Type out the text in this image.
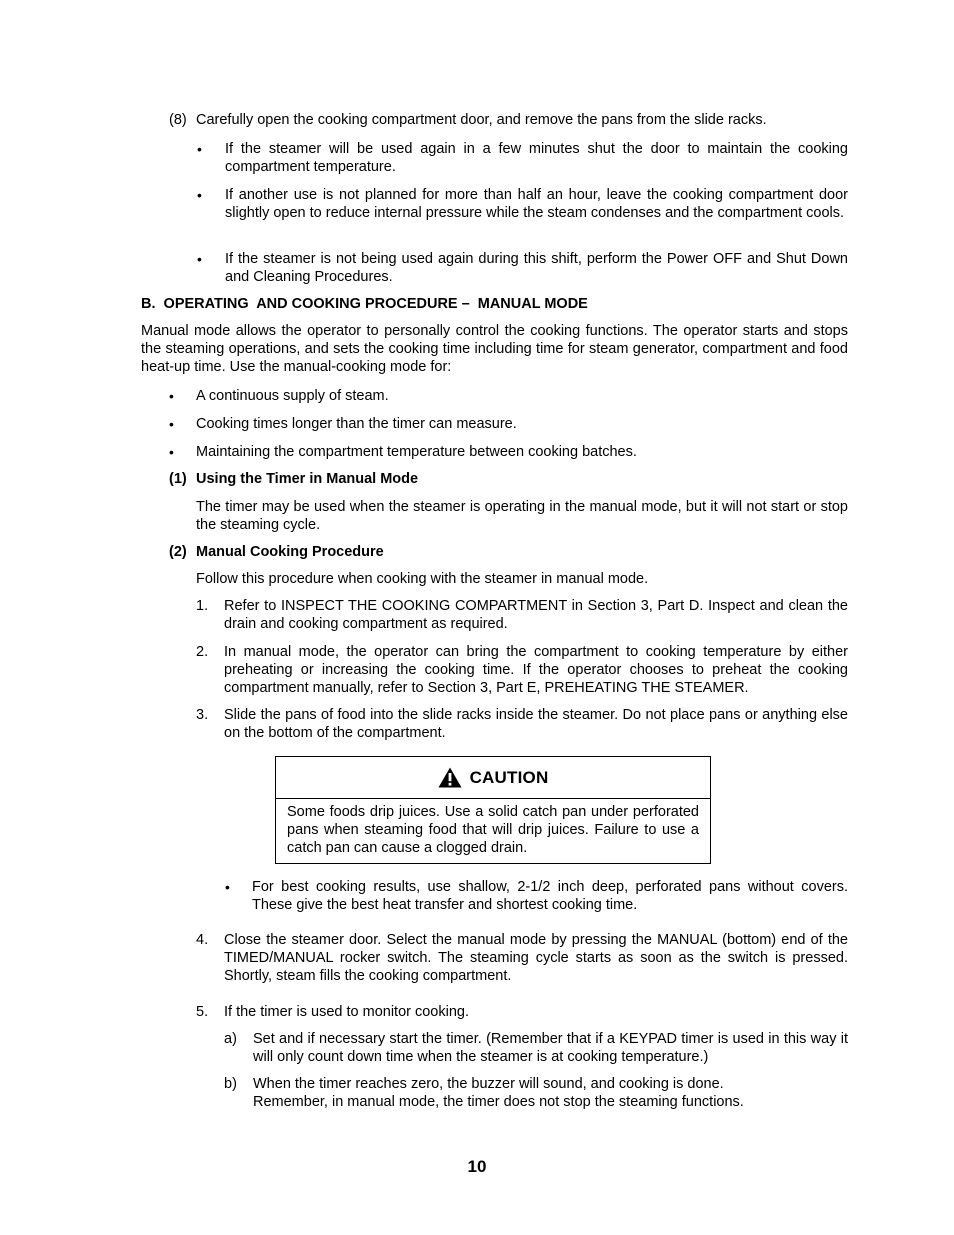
(8) Carefully open the cooking compartment door, and remove the pans from the slide racks.

• If the steamer will be used again in a few minutes shut the door to maintain the cooking compartment temperature.

• If another use is not planned for more than half an hour, leave the cooking compartment door slightly open to reduce internal pressure while the steam condenses and the compartment cools.

• If the steamer is not being used again during this shift, perform the Power OFF and Shut Down and Cleaning Procedures.

B.  OPERATING  AND COOKING PROCEDURE –  MANUAL MODE

Manual mode allows the operator to personally control the cooking functions. The operator starts and stops the steaming operations, and sets the cooking time including time for steam generator, compartment and food heat-up time. Use the manual-cooking mode for:

• A continuous supply of steam.

• Cooking times longer than the timer can measure.

• Maintaining the compartment temperature between cooking batches.

(1) Using the Timer in Manual Mode

The timer may be used when the steamer is operating in the manual mode, but it will not start or stop the steaming cycle.

(2) Manual Cooking Procedure

Follow this procedure when cooking with the steamer in manual mode.

1. Refer to INSPECT THE COOKING COMPARTMENT in Section 3, Part D. Inspect and clean the drain and cooking compartment as required.

2. In manual mode, the operator can bring the compartment to cooking temperature by either preheating or increasing the cooking time. If the operator chooses to preheat the cooking compartment manually, refer to Section 3, Part E, PREHEATING THE STEAMER.

3. Slide the pans of food into the slide racks inside the steamer. Do not place pans or anything else on the bottom of the compartment.

CAUTION

Some foods drip juices. Use a solid catch pan under perforated pans when steaming food that will drip juices. Failure to use a catch pan can cause a clogged drain.

• For best cooking results, use shallow, 2-1/2 inch deep, perforated pans without covers. These give the best heat transfer and shortest cooking time.

4. Close the steamer door. Select the manual mode by pressing the MANUAL (bottom) end of the TIMED/MANUAL rocker switch. The steaming cycle starts as soon as the switch is pressed. Shortly, steam fills the cooking compartment.

5. If the timer is used to monitor cooking.

a) Set and if necessary start the timer. (Remember that if a KEYPAD timer is used in this way it will only count down time when the steamer is at cooking temperature.)

b) When the timer reaches zero, the buzzer will sound, and cooking is done.

Remember, in manual mode, the timer does not stop the steaming functions.

10
